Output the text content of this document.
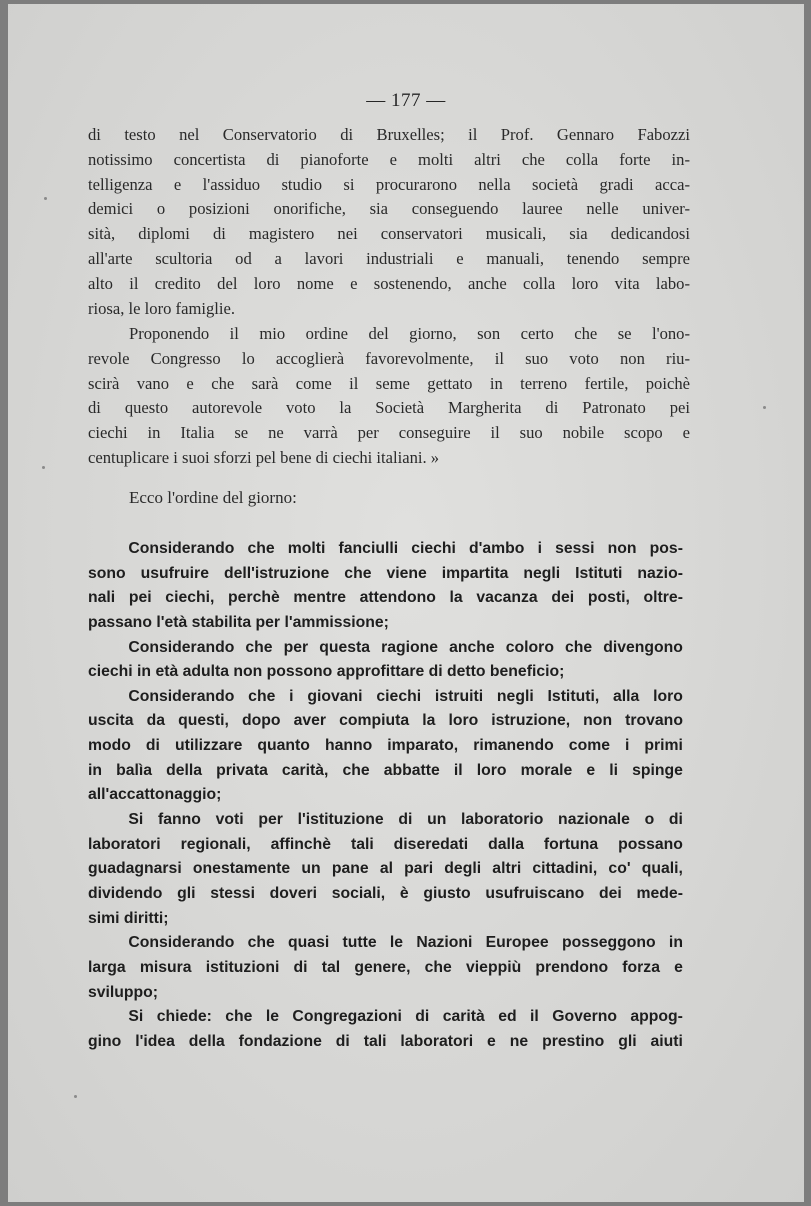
— 177 —
di testo nel Conservatorio di Bruxelles; il Prof. Gennaro Fabozzi
notissimo concertista di pianoforte e molti altri che colla forte in-
telligenza e l'assiduo studio si procurarono nella società gradi acca-
demici o posizioni onorifiche, sia conseguendo lauree nelle univer-
sità, diplomi di magistero nei conservatori musicali, sia dedicandosi
all'arte scultoria od a lavori industriali e manuali, tenendo sempre
alto il credito del loro nome e sostenendo, anche colla loro vita labo-
riosa, le loro famiglie.
Proponendo il mio ordine del giorno, son certo che se l'ono-
revole Congresso lo accoglierà favorevolmente, il suo voto non riu-
scirà vano e che sarà come il seme gettato in terreno fertile, poichè
di questo autorevole voto la Società Margherita di Patronato pei
ciechi in Italia se ne varrà per conseguire il suo nobile scopo e
centuplicare i suoi sforzi pel bene di ciechi italiani. »
Ecco l'ordine del giorno:
Considerando che molti fanciulli ciechi d'ambo i sessi non pos-
sono usufruire dell'istruzione che viene impartita negli Istituti nazio-
nali pei ciechi, perchè mentre attendono la vacanza dei posti, oltre-
passano l'età stabilita per l'ammissione;
Considerando che per questa ragione anche coloro che divengono
ciechi in età adulta non possono approfittare di detto beneficio;
Considerando che i giovani ciechi istruiti negli Istituti, alla loro
uscita da questi, dopo aver compiuta la loro istruzione, non trovano
modo di utilizzare quanto hanno imparato, rimanendo come i primi
in balìa della privata carità, che abbatte il loro morale e li spinge
all'accattonaggio;
Si fanno voti per l'istituzione di un laboratorio nazionale o di
laboratori regionali, affinchè tali diseredati dalla fortuna possano
guadagnarsi onestamente un pane al pari degli altri cittadini, co' quali,
dividendo gli stessi doveri sociali, è giusto usufruiscano dei mede-
simi diritti;
Considerando che quasi tutte le Nazioni Europee posseggono in
larga misura istituzioni di tal genere, che vieppiù prendono forza e
sviluppo;
Si chiede: che le Congregazioni di carità ed il Governo appog-
gino l'idea della fondazione di tali laboratori e ne prestino gli aiuti
